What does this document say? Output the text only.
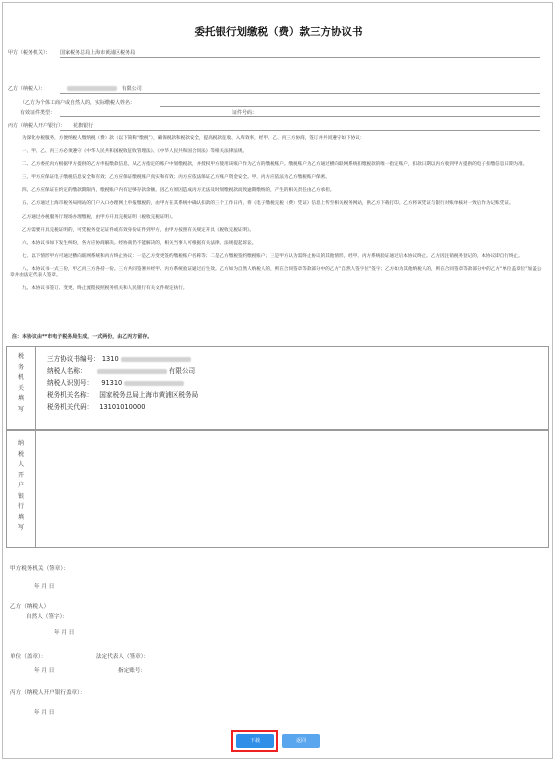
委托银行划缴税（费）款三方协议书
甲方（税务机关）： 国家税务总局上海市黄浦区税务局
乙方（纳税人）：	有限公司
（乙方为个体工商户或自然人的，实际缴税人姓名：
有效证件类型：	证件号码：
丙方（纳税人开户银行）： 花旗银行

为深化办税服务，方便纳税人缴纳税（费）款（以下简称“缴税”），确保税款和税款安全，提高税款征收、入库效率，经甲、乙、丙三方协商，签订并共同遵守如下协议：

一、甲、乙、丙三方必须遵守《中华人民共和国税收征收管理法》、《中华人民共和国合同法》等相关法律法规。

二、乙方委托丙方根据甲方提供的乙方申报缴款信息，从乙方指定的账户中划缴税款，并授权甲方使用该账户作为乙方的缴税账户。缴税账户为乙方通过横向联网系统扣缴税款的唯一指定账户，扣款日期以丙方收到甲方提供的电子扣缴信息日期为准。

三、甲方应保证电子缴税信息安全和有效；乙方应保证缴税账户真实和有效；丙方应依法保证乙方账户资金安全。甲、丙方应依法为乙方缴税账户保密。

四、乙方应保证在约定的缴款期限内，缴税账户内有足够存款余额。因乙方原因造成丙方无法及时划缴税款而致逾期缴纳的，产生的相关责任由乙方承担。

五、乙方通过上海市税务局网站的门户入口办理网上申报缴税的，由甲方在其系统中确认扣款的三个工作日内，将《电子缴税完税（费）凭证》信息上传至相关税务网站，供乙方下载打印。乙方将该凭证与银行对账单核对一致后作为记账凭证。

乙方通过办税服务厅现场办理缴税，由甲方开具完税证明（税收完税证明）。

乙方需要开具完税证明的，可凭税务登记证件或有效身份证件到甲方，由甲方按照有关规定开具《税收完税证明》。

六、本协议书如下发生纠纷，各方应协商解决。经协商仍不能解决的，相关当事人可根据有关法律、法规提起诉讼。

七、以下情形甲方可通过横向联网系统和丙方终止协议：一是乙方变更签约缴税账户名称等；二是乙方缴税签约缴税账户；三是甲方认为需终止协议的其他情形。经甲、丙方系统验证通过后本协议终止。乙方因注销税务登记的，本协议即自行终止。

八、本协议书一式三份，甲乙丙三方各持一份。三方共同签署并经甲、丙方系统验证通过后生效。乙方如为自然人纳税人的，则在合同签章等款部分中的乙方“自然人签字位”签字；乙方如为其他纳税人的，则在合同签章等款部分中的乙方“单位盖章位”加盖公章并由法定代表人签章。

九、本协议书签订、变更、终止流程按照税务机关和人民银行有关文件规定执行。

注：本协议由**市电子税务局生成，一式两份，由乙丙方留存。
税
务
机
关
填
写
三方协议书编号： 1310
纳税人名称：	有限公司
纳税人识别号： 91310
税务机关名称： 国家税务总局上海市黄浦区税务局
税务机关代码： 13101010000
纳
税
人
开
户
银
行
填
写
甲方税务机关（签章）：
年 月 日
乙方（纳税人）
自然人（签字）：
年 月 日
单位（盖章）：	法定代表人（签章）：
年 月 日	指定账号：
丙方（纳税人开户银行盖章）：
年 月 日
下载	返回
